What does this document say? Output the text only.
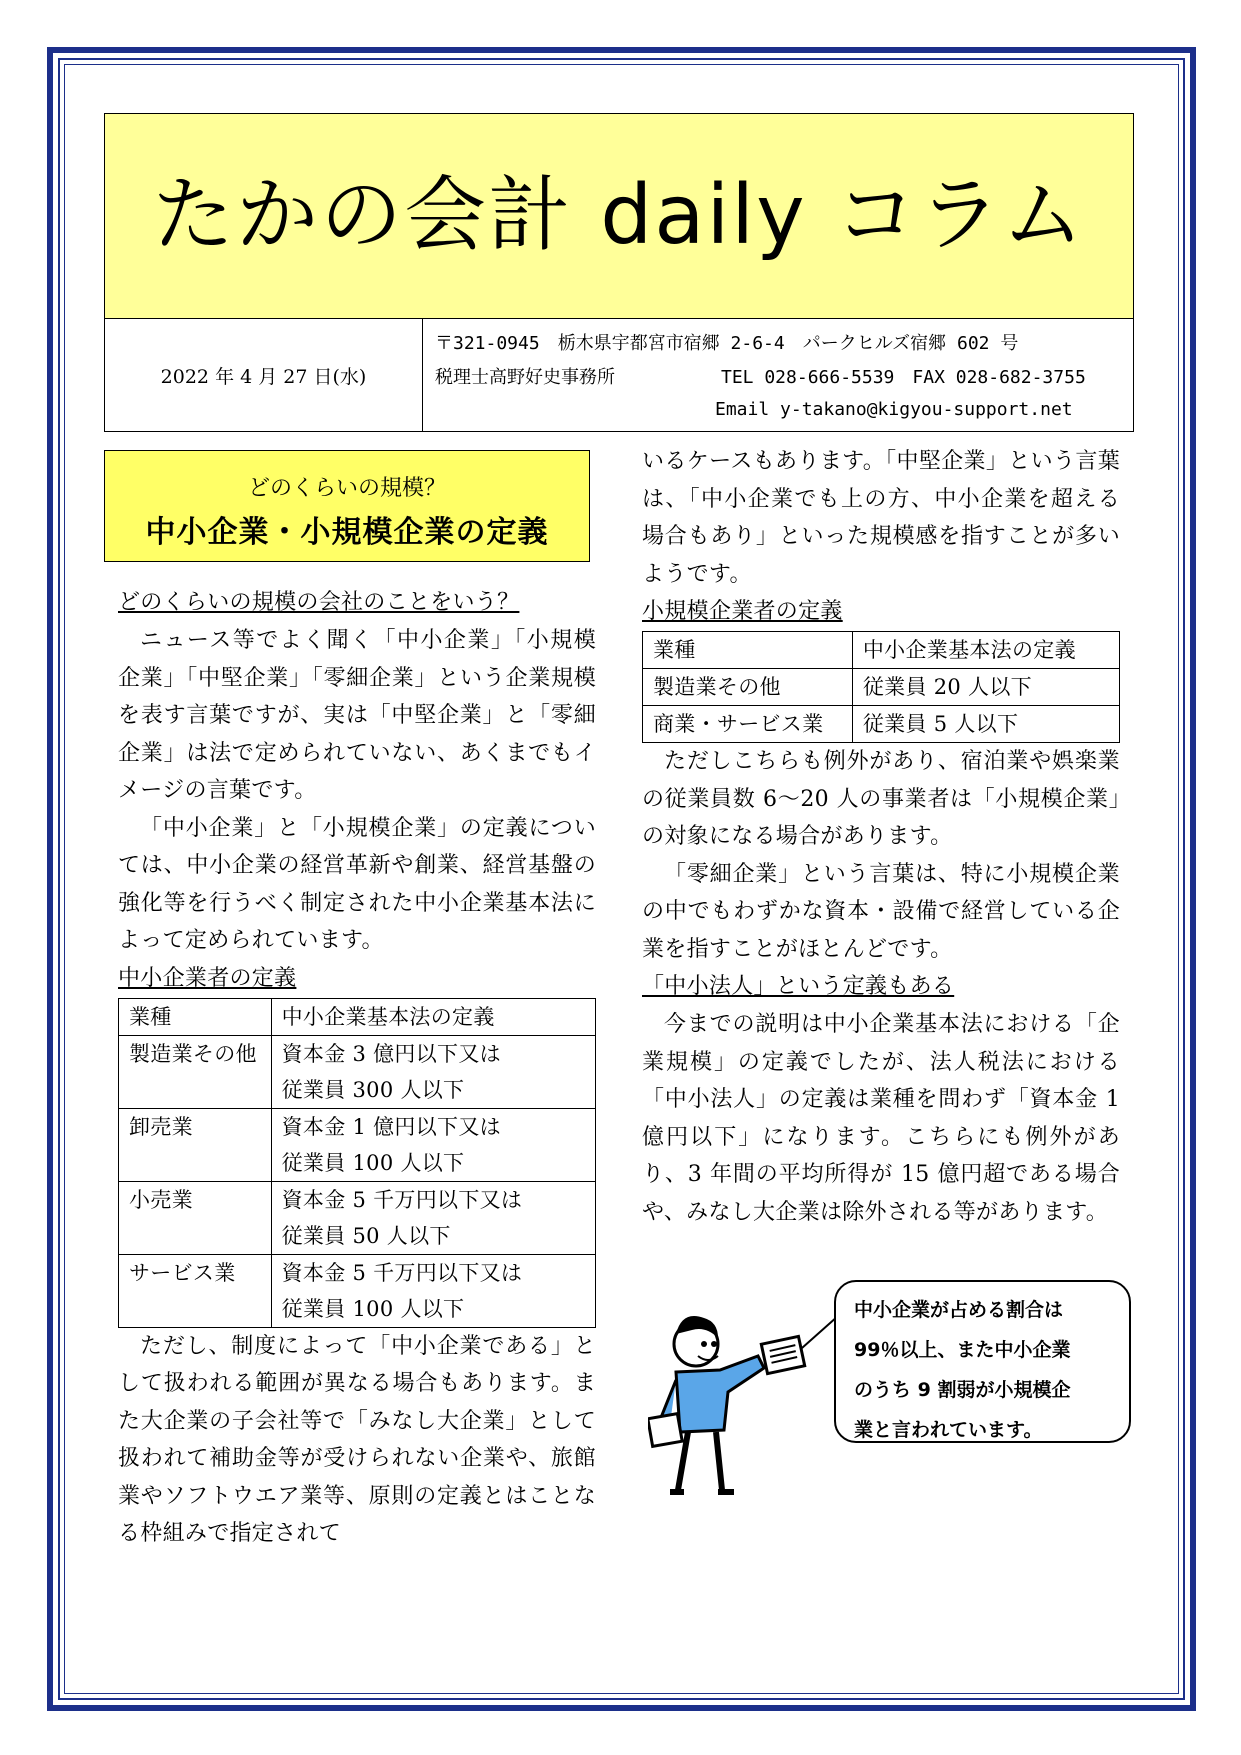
たかの会計 daily コラム
2022 年 4 月 27 日(水)
〒321-0945　栃木県宇都宮市宿郷 2-6-4　パークヒルズ宿郷 602 号
税理士高野好史事務所	TEL 028-666-5539　FAX 028-682-3755
Email y-takano@kigyou-support.net
どのくらいの規模？
中小企業・小規模企業の定義
どのくらいの規模の会社のことをいう？

ニュース等でよく聞く「中小企業」「小規模企業」「中堅企業」「零細企業」という企業規模を表す言葉ですが、実は「中堅企業」と「零細企業」は法で定められていない、あくまでもイメージの言葉です。

「中小企業」と「小規模企業」の定義については、中小企業の経営革新や創業、経営基盤の強化等を行うべく制定された中小企業基本法によって定められています。

中小企業者の定義
業種	中小企業基本法の定義
製造業その他	資本金 3 億円以下又は
従業員 300 人以下

卸売業	資本金 1 億円以下又は
従業員 100 人以下

小売業	資本金 5 千万円以下又は
従業員 50 人以下

サービス業	資本金 5 千万円以下又は
従業員 100 人以下

ただし、制度によって「中小企業である」として扱われる範囲が異なる場合もあります。また大企業の子会社等で「みなし大企業」として扱われて補助金等が受けられない企業や、旅館業やソフトウエア業等、原則の定義とはことなる枠組みで指定されて

いるケースもあります。「中堅企業」という言葉は、「中小企業でも上の方、中小企業を超える場合もあり」といった規模感を指すことが多いようです。

小規模企業者の定義
業種	中小企業基本法の定義
製造業その他	従業員 20 人以下
商業・サービス業	従業員 5 人以下

ただしこちらも例外があり、宿泊業や娯楽業の従業員数 6〜20 人の事業者は「小規模企業」の対象になる場合があります。

「零細企業」という言葉は、特に小規模企業の中でもわずかな資本・設備で経営している企業を指すことがほとんどです。

「中小法人」という定義もある

今までの説明は中小企業基本法における「企業規模」の定義でしたが、法人税法における「中小法人」の定義は業種を問わず「資本金 1 億円以下」になります。こちらにも例外があり、3 年間の平均所得が 15 億円超である場合や、みなし大企業は除外される等があります。

中小企業が占める割合は
99％以上、また中小企業
のうち 9 割弱が小規模企
業と言われています。
